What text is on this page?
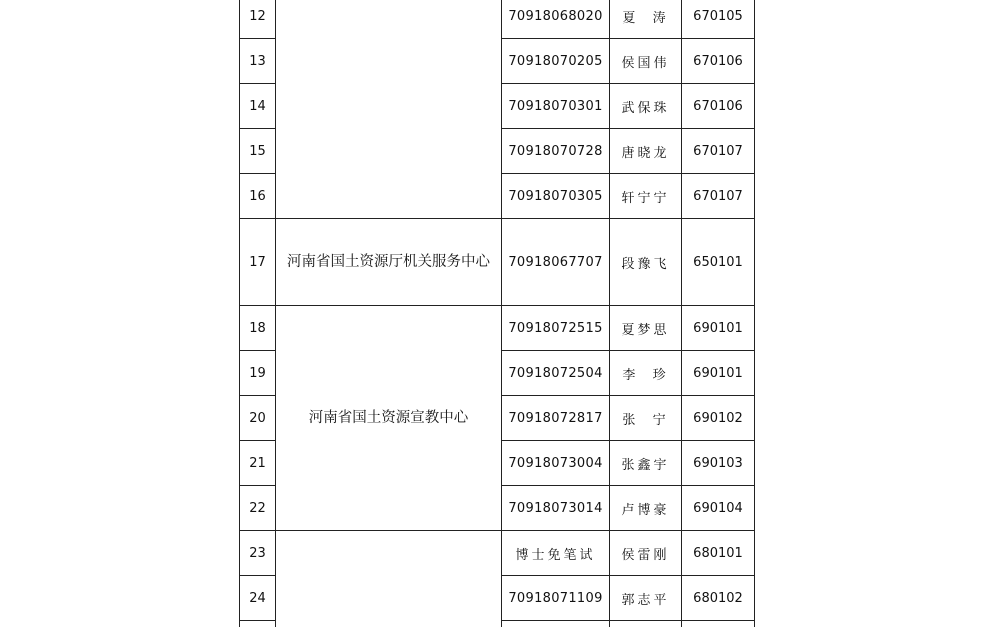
12		70918068020	夏  涛	670105
13		70918070205	侯国伟	670106
14		70918070301	武保珠	670106
15		70918070728	唐晓龙	670107
16		70918070305	轩宁宁	670107
17	河南省国土资源厅机关服务中心	70918067707	段豫飞	650101
18	河南省国土资源宣教中心	70918072515	夏梦思	690101
19		70918072504	李  珍	690101
20		70918072817	张  宁	690102
21		70918073004	张鑫宇	690103
22		70918073014	卢博豪	690104
23		博士免笔试	侯雷刚	680101
24		70918071109	郭志平	680102
